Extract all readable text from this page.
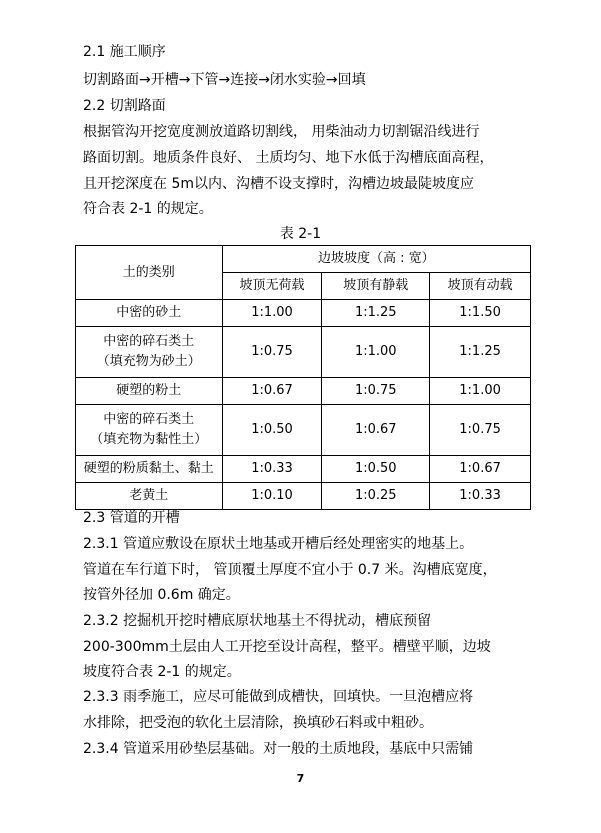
2.1 施工顺序
切割路面→开槽→下管→连接→闭水实验→回填
2.2 切割路面
根据管沟开挖宽度测放道路切割线， 用柴油动力切割锯沿线进行
路面切割。地质条件良好、 土质均匀、地下水低于沟槽底面高程，
且开挖深度在 5m以内、沟槽不设支撑时，沟槽边坡最陡坡度应
符合表 2-1 的规定。
表 2-1
土的类别	边坡坡度（高 : 宽）		
	坡顶无荷载	坡顶有静载	坡顶有动载
中密的砂土	1:1.00	1:1.25	1:1.50
中密的碎石类土
（填充物为砂土）	1:0.75	1:1.00	1:1.25
硬塑的粉土	1:0.67	1:0.75	1:1.00
中密的碎石类土
（填充物为黏性土）	1:0.50	1:0.67	1:0.75
硬塑的粉质黏土、黏土	1:0.33	1:0.50	1:0.67
老黄土	1:0.10	1:0.25	1:0.33
2.3 管道的开槽
2.3.1 管道应敷设在原状土地基或开槽后经处理密实的地基上。
管道在车行道下时， 管顶覆土厚度不宜小于 0.7 米。沟槽底宽度，
按管外径加 0.6m 确定。
2.3.2 挖掘机开挖时槽底原状地基土不得扰动，槽底预留
200-300mm土层由人工开挖至设计高程，整平。槽壁平顺，边坡
坡度符合表 2-1 的规定。
2.3.3 雨季施工，应尽可能做到成槽快，回填快。一旦泡槽应将
水排除，把受泡的软化土层清除，换填砂石料或中粗砂。
2.3.4 管道采用砂垫层基础。对一般的土质地段，基底中只需铺
7
